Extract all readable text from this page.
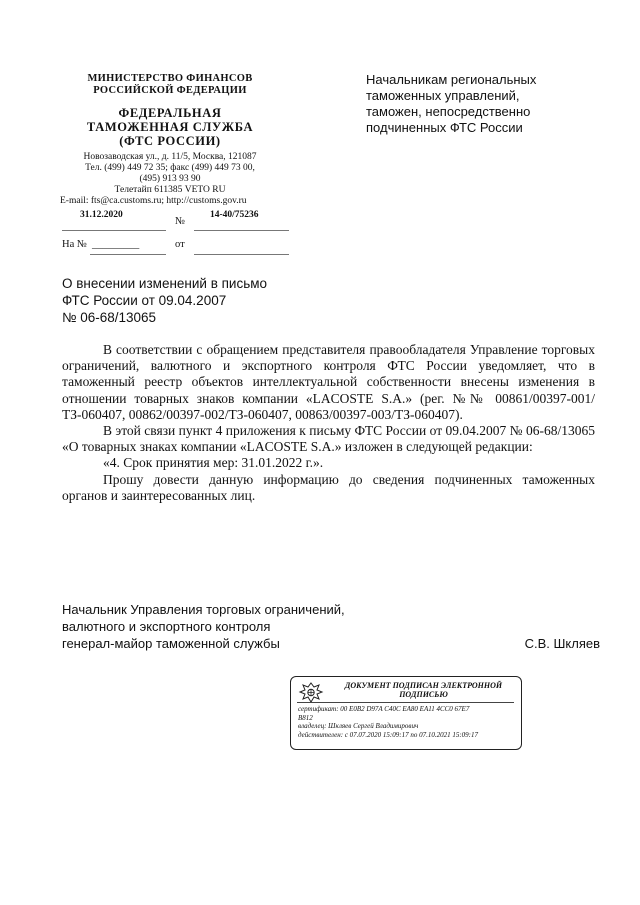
МИНИСТЕРСТВО ФИНАНСОВ
РОССИЙСКОЙ ФЕДЕРАЦИИ
ФЕДЕРАЛЬНАЯ
ТАМОЖЕННАЯ СЛУЖБА
(ФТС РОССИИ)
Новозаводская ул., д. 11/5, Москва, 121087
Тел. (499) 449 72 35; факс (499) 449 73 00,
(495) 913 93 90
Телетайп 611385 VETO RU
E-mail: fts@ca.customs.ru; http://customs.gov.ru
31.12.2020
№
14-40/75236
На № _________	от
Начальникам региональных
таможенных управлений,
таможен, непосредственно
подчиненных ФТС России
О внесении изменений в письмо
ФТС России от 09.04.2007
№ 06-68/13065

В соответствии с обращением представителя правообладателя Управление торговых ограничений, валютного и экспортного контроля ФТС России уведомляет, что в таможенный реестр объектов интеллектуальной собственности внесены изменения в отношении товарных знаков компании «LACOSTE S.A.» (рег. №№ 00861/00397-001/ТЗ-060407, 00862/00397-002/ТЗ-060407, 00863/00397-003/ТЗ-060407).

В этой связи пункт 4 приложения к письму ФТС России от 09.04.2007 № 06-68/13065 «О товарных знаках компании «LACOSTE S.A.» изложен в следующей редакции:

«4. Срок принятия мер: 31.01.2022 г.».

Прошу довести данную информацию до сведения подчиненных таможенных органов и заинтересованных лиц.

Начальник Управления торговых ограничений,
валютного и экспортного контроля
генерал-майор таможенной службы	С.В. Шкляев
ДОКУМЕНТ ПОДПИСАН ЭЛЕКТРОННОЙ
ПОДПИСЬЮ
сертификат: 00 E0B2 D97A C40C EA80 EA11 4CC0 67E7
B812
владелец: Шкляев Сергей Владимирович
действителен: с 07.07.2020 15:09:17 по 07.10.2021 15:09:17
